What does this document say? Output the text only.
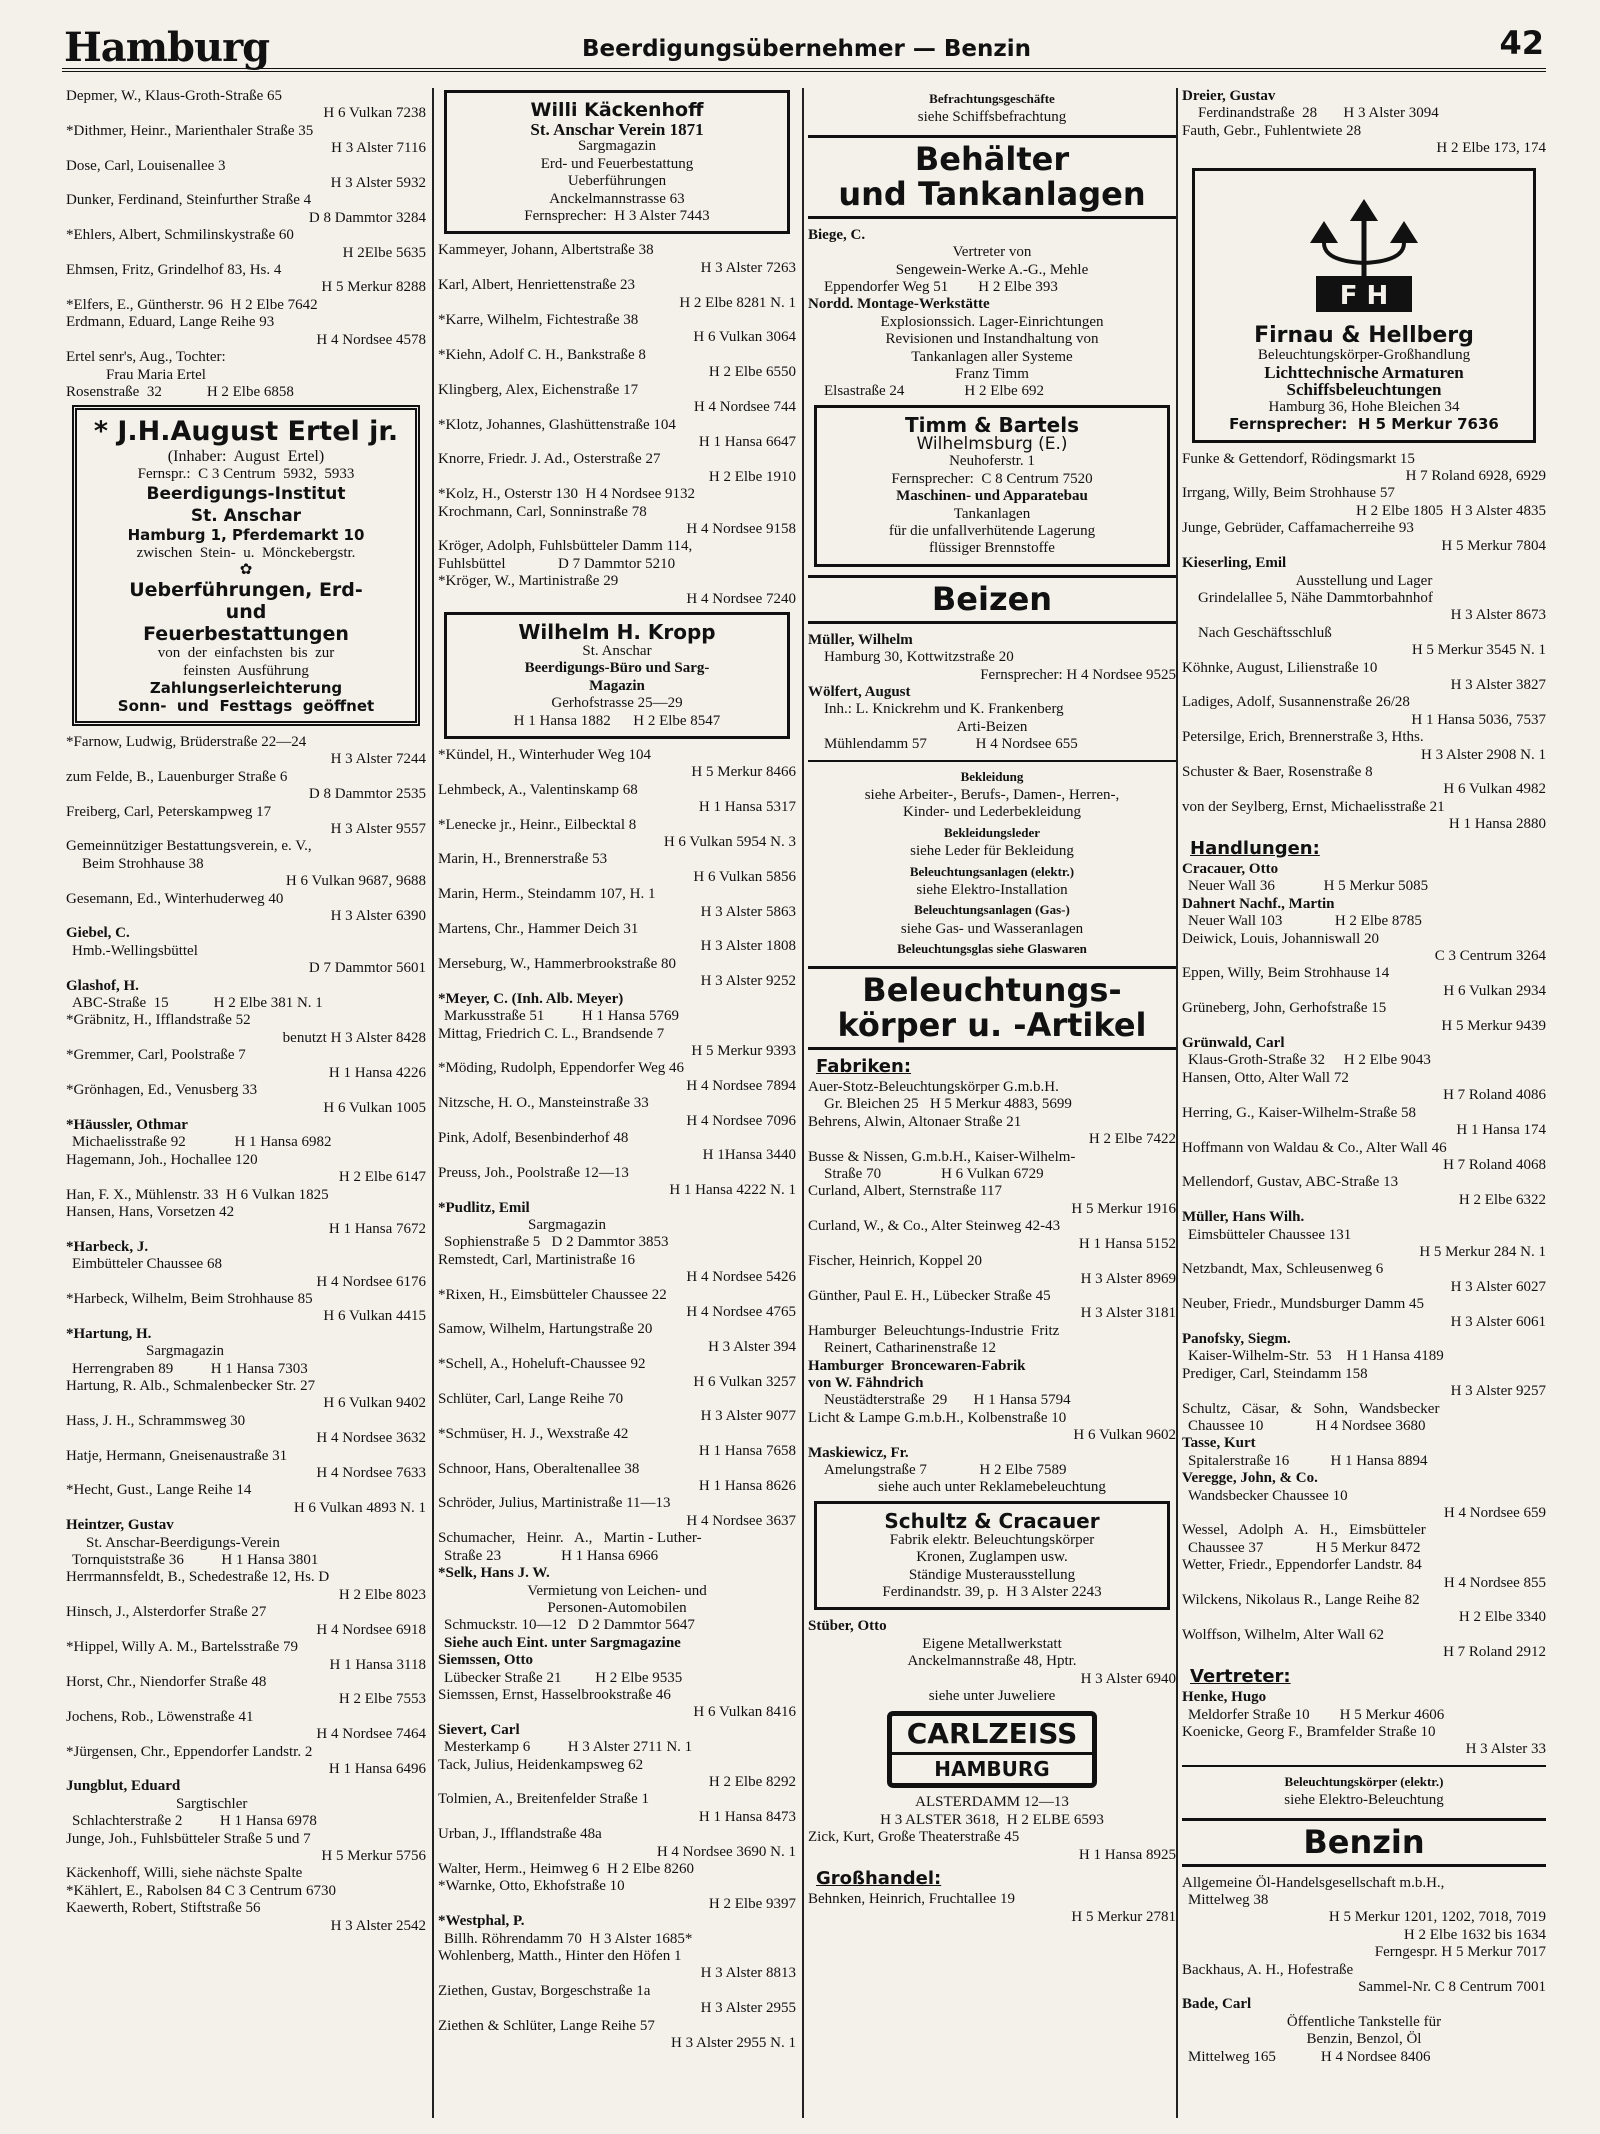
Hamburg	Beerdigungsübernehmer — Benzin	42

Depmer, W., Klaus-Groth-Straße 65

H 6 Vulkan 7238

*Dithmer, Heinr., Marienthaler Straße 35

H 3 Alster 7116

Dose, Carl, Louisenallee 3

H 3 Alster 5932

Dunker, Ferdinand, Steinfurther Straße 4

D 8 Dammtor 3284

*Ehlers, Albert, Schmilinskystraße 60

H 2Elbe 5635

Ehmsen, Fritz, Grindelhof 83, Hs. 4

H 5 Merkur 8288

*Elfers, E., Güntherstr. 96  H 2 Elbe 7642

Erdmann, Eduard, Lange Reihe 93

H 4 Nordsee 4578

Ertel senr's, Aug., Tochter:

Frau Maria Ertel

Rosenstraße  32            H 2 Elbe 6858

* J.H.August Ertel jr.

(Inhaber:  August  Ertel)

Fernspr.:  C 3 Centrum  5932,  5933

Beerdigungs-Institut

St. Anschar

Hamburg 1, Pferdemarkt 10

zwischen  Stein-  u.  Mönckebergstr.

✿

Ueberführungen, Erd-

und

Feuerbestattungen

von  der  einfachsten  bis  zur

feinsten  Ausführung

Zahlungserleichterung

Sonn-  und  Festtags  geöffnet

*Farnow, Ludwig, Brüderstraße 22—24

H 3 Alster 7244

zum Felde, B., Lauenburger Straße 6

D 8 Dammtor 2535

Freiberg, Carl, Peterskampweg 17

H 3 Alster 9557

Gemeinnütziger Bestattungsverein, e. V.,

Beim Strohhause 38

H 6 Vulkan 9687, 9688

Gesemann, Ed., Winterhuderweg 40

H 3 Alster 6390

Giebel, C.

Hmb.-Wellingsbüttel

D 7 Dammtor 5601

Glashof, H.

ABC-Straße  15            H 2 Elbe 381 N. 1

*Gräbnitz, H., Ifflandstraße 52

benutzt H 3 Alster 8428

*Gremmer, Carl, Poolstraße 7

H 1 Hansa 4226

*Grönhagen, Ed., Venusberg 33

H 6 Vulkan 1005

*Häussler, Othmar

Michaelisstraße 92             H 1 Hansa 6982

Hagemann, Joh., Hochallee 120

H 2 Elbe 6147

Han, F. X., Mühlenstr. 33  H 6 Vulkan 1825

Hansen, Hans, Vorsetzen 42

H 1 Hansa 7672

*Harbeck, J.

Eimbütteler Chaussee 68

H 4 Nordsee 6176

*Harbeck, Wilhelm, Beim Strohhause 85

H 6 Vulkan 4415

*Hartung, H.

Sargmagazin

Herrengraben 89          H 1 Hansa 7303

Hartung, R. Alb., Schmalenbecker Str. 27

H 6 Vulkan 9402

Hass, J. H., Schrammsweg 30

H 4 Nordsee 3632

Hatje, Hermann, Gneisenaustraße 31

H 4 Nordsee 7633

*Hecht, Gust., Lange Reihe 14

H 6 Vulkan 4893 N. 1

Heintzer, Gustav

St. Anschar-Beerdigungs-Verein

Tornquiststraße 36          H 1 Hansa 3801

Herrmannsfeldt, B., Schedestraße 12, Hs. D

H 2 Elbe 8023

Hinsch, J., Alsterdorfer Straße 27

H 4 Nordsee 6918

*Hippel, Willy A. M., Bartelsstraße 79

H 1 Hansa 3118

Horst, Chr., Niendorfer Straße 48

H 2 Elbe 7553

Jochens, Rob., Löwenstraße 41

H 4 Nordsee 7464

*Jürgensen, Chr., Eppendorfer Landstr. 2

H 1 Hansa 6496

Jungblut, Eduard

Sargtischler

Schlachterstraße 2          H 1 Hansa 6978

Junge, Joh., Fuhlsbütteler Straße 5 und 7

H 5 Merkur 5756

Käckenhoff, Willi, siehe nächste Spalte

*Kählert, E., Rabolsen 84 C 3 Centrum 6730

Kaewerth, Robert, Stiftstraße 56

H 3 Alster 2542

Willi Käckenhoff

St. Anschar Verein 1871

Sargmagazin

Erd- und Feuerbestattung

Ueberführungen

Anckelmannstrasse 63

Fernsprecher:  H 3 Alster 7443

Kammeyer, Johann, Albertstraße 38

H 3 Alster 7263

Karl, Albert, Henriettenstraße 23

H 2 Elbe 8281 N. 1

*Karre, Wilhelm, Fichtestraße 38

H 6 Vulkan 3064

*Kiehn, Adolf C. H., Bankstraße 8

H 2 Elbe 6550

Klingberg, Alex, Eichenstraße 17

H 4 Nordsee 744

*Klotz, Johannes, Glashüttenstraße 104

H 1 Hansa 6647

Knorre, Friedr. J. Ad., Osterstraße 27

H 2 Elbe 1910

*Kolz, H., Osterstr 130  H 4 Nordsee 9132

Krochmann, Carl, Sonninstraße 78

H 4 Nordsee 9158

Kröger, Adolph, Fuhlsbütteler Damm 114,

Fuhlsbüttel              D 7 Dammtor 5210

*Kröger, W., Martinistraße 29

H 4 Nordsee 7240

Wilhelm H. Kropp

St. Anschar

Beerdigungs-Büro und Sarg-

Magazin

Gerhofstrasse 25—29

H 1 Hansa 1882      H 2 Elbe 8547

*Kündel, H., Winterhuder Weg 104

H 5 Merkur 8466

Lehmbeck, A., Valentinskamp 68

H 1 Hansa 5317

*Lenecke jr., Heinr., Eilbecktal 8

H 6 Vulkan 5954 N. 3

Marin, H., Brennerstraße 53

H 6 Vulkan 5856

Marin, Herm., Steindamm 107, H. 1

H 3 Alster 5863

Martens, Chr., Hammer Deich 31

H 3 Alster 1808

Merseburg, W., Hammerbrookstraße 80

H 3 Alster 9252

*Meyer, C. (Inh. Alb. Meyer)

Markusstraße 51          H 1 Hansa 5769

Mittag, Friedrich C. L., Brandsende 7

H 5 Merkur 9393

*Möding, Rudolph, Eppendorfer Weg 46

H 4 Nordsee 7894

Nitzsche, H. O., Mansteinstraße 33

H 4 Nordsee 7096

Pink, Adolf, Besenbinderhof 48

H 1Hansa 3440

Preuss, Joh., Poolstraße 12—13

H 1 Hansa 4222 N. 1

*Pudlitz, Emil

Sargmagazin

Sophienstraße 5   D 2 Dammtor 3853

Remstedt, Carl, Martinistraße 16

H 4 Nordsee 5426

*Rixen, H., Eimsbütteler Chaussee 22

H 4 Nordsee 4765

Samow, Wilhelm, Hartungstraße 20

H 3 Alster 394

*Schell, A., Hoheluft-Chaussee 92

H 6 Vulkan 3257

Schlüter, Carl, Lange Reihe 70

H 3 Alster 9077

*Schmüser, H. J., Wexstraße 42

H 1 Hansa 7658

Schnoor, Hans, Oberaltenallee 38

H 1 Hansa 8626

Schröder, Julius, Martinistraße 11—13

H 4 Nordsee 3637

Schumacher,   Heinr.   A.,   Martin - Luther-

Straße 23                H 1 Hansa 6966

*Selk, Hans J. W.

Vermietung von Leichen- und

Personen-Automobilen

Schmuckstr. 10—12   D 2 Dammtor 5647

Siehe auch Eint. unter Sargmagazine

Siemssen, Otto

Lübecker Straße 21         H 2 Elbe 9535

Siemssen, Ernst, Hasselbrookstraße 46

H 6 Vulkan 8416

Sievert, Carl

Mesterkamp 6          H 3 Alster 2711 N. 1

Tack, Julius, Heidenkampsweg 62

H 2 Elbe 8292

Tolmien, A., Breitenfelder Straße 1

H 1 Hansa 8473

Urban, J., Ifflandstraße 48a

H 4 Nordsee 3690 N. 1

Walter, Herm., Heimweg 6  H 2 Elbe 8260

*Warnke, Otto, Ekhofstraße 10

H 2 Elbe 9397

*Westphal, P.

Billh. Röhrendamm 70  H 3 Alster 1685*

Wohlenberg, Matth., Hinter den Höfen 1

H 3 Alster 8813

Ziethen, Gustav, Borgeschstraße 1a

H 3 Alster 2955

Ziethen & Schlüter, Lange Reihe 57

H 3 Alster 2955 N. 1

Befrachtungsgeschäfte

siehe Schiffsbefrachtung

Behälter
und Tankanlagen

Biege, C.

Vertreter von

Sengewein-Werke A.-G., Mehle

Eppendorfer Weg 51        H 2 Elbe 393

Nordd. Montage-Werkstätte

Explosionssich. Lager-Einrichtungen

Revisionen und Instandhaltung von

Tankanlagen aller Systeme

Franz Timm

Elsastraße 24                H 2 Elbe 692

Timm & Bartels

Wilhelmsburg (E.)

Neuhoferstr. 1

Fernsprecher:  C 8 Centrum 7520

Maschinen- und Apparatebau

Tankanlagen

für die unfallverhütende Lagerung

flüssiger Brennstoffe

Beizen

Müller, Wilhelm

Hamburg 30, Kottwitzstraße 20

Fernsprecher: H 4 Nordsee 9525

Wölfert, August

Inh.: L. Knickrehm und K. Frankenberg

Arti-Beizen

Mühlendamm 57             H 4 Nordsee 655

Bekleidung

siehe Arbeiter-, Berufs-, Damen-, Herren-,

Kinder- und Lederbekleidung

Bekleidungsleder

siehe Leder für Bekleidung

Beleuchtungsanlagen (elektr.)

siehe Elektro-Installation

Beleuchtungsanlagen (Gas-)

siehe Gas- und Wasseranlagen

Beleuchtungsglas siehe Glaswaren

Beleuchtungs-
körper u. -Artikel

Fabriken:

Auer-Stotz-Beleuchtungskörper G.m.b.H.

Gr. Bleichen 25   H 5 Merkur 4883, 5699

Behrens, Alwin, Altonaer Straße 21

H 2 Elbe 7422

Busse & Nissen, G.m.b.H., Kaiser-Wilhelm-

Straße 70                H 6 Vulkan 6729

Curland, Albert, Sternstraße 117

H 5 Merkur 1916

Curland, W., & Co., Alter Steinweg 42-43

H 1 Hansa 5152

Fischer, Heinrich, Koppel 20

H 3 Alster 8969

Günther, Paul E. H., Lübecker Straße 45

H 3 Alster 3181

Hamburger  Beleuchtungs-Industrie  Fritz

Reinert, Catharinenstraße 12

Hamburger  Broncewaren-Fabrik

von W. Fähndrich

Neustädterstraße  29       H 1 Hansa 5794

Licht & Lampe G.m.b.H., Kolbenstraße 10

H 6 Vulkan 9602

Maskiewicz, Fr.

Amelungstraße 7              H 2 Elbe 7589

siehe auch unter Reklamebeleuchtung

Schultz & Cracauer

Fabrik elektr. Beleuchtungskörper

Kronen, Zuglampen usw.

Ständige Musterausstellung

Ferdinandstr. 39, p.  H 3 Alster 2243

Stüber, Otto

Eigene Metallwerkstatt

Anckelmannstraße 48, Hptr.

H 3 Alster 6940

siehe unter Juweliere

CARLZEISS
HAMBURG

ALSTERDAMM 12—13

H 3 ALSTER 3618,  H 2 ELBE 6593

Zick, Kurt, Große Theaterstraße 45

H 1 Hansa 8925

Großhandel:

Behnken, Heinrich, Fruchtallee 19

H 5 Merkur 2781

Dreier, Gustav

Ferdinandstraße  28       H 3 Alster 3094

Fauth, Gebr., Fuhlentwiete 28

H 2 Elbe 173, 174

F H

Firnau & Hellberg

Beleuchtungskörper-Großhandlung

Lichttechnische Armaturen

Schiffsbeleuchtungen

Hamburg 36, Hohe Bleichen 34

Fernsprecher:  H 5 Merkur 7636

Funke & Gettendorf, Rödingsmarkt 15

H 7 Roland 6928, 6929

Irrgang, Willy, Beim Strohhause 57

H 2 Elbe 1805  H 3 Alster 4835

Junge, Gebrüder, Caffamacherreihe 93

H 5 Merkur 7804

Kieserling, Emil

Ausstellung und Lager

Grindelallee 5, Nähe Dammtorbahnhof

H 3 Alster 8673

Nach Geschäftsschluß

H 5 Merkur 3545 N. 1

Köhnke, August, Lilienstraße 10

H 3 Alster 3827

Ladiges, Adolf, Susannenstraße 26/28

H 1 Hansa 5036, 7537

Petersilge, Erich, Brennerstraße 3, Hths.

H 3 Alster 2908 N. 1

Schuster & Baer, Rosenstraße 8

H 6 Vulkan 4982

von der Seylberg, Ernst, Michaelisstraße 21

H 1 Hansa 2880

Handlungen:

Cracauer, Otto

Neuer Wall 36             H 5 Merkur 5085

Dahnert Nachf., Martin

Neuer Wall 103              H 2 Elbe 8785

Deiwick, Louis, Johanniswall 20

C 3 Centrum 3264

Eppen, Willy, Beim Strohhause 14

H 6 Vulkan 2934

Grüneberg, John, Gerhofstraße 15

H 5 Merkur 9439

Grünwald, Carl

Klaus-Groth-Straße 32     H 2 Elbe 9043

Hansen, Otto, Alter Wall 72

H 7 Roland 4086

Herring, G., Kaiser-Wilhelm-Straße 58

H 1 Hansa 174

Hoffmann von Waldau & Co., Alter Wall 46

H 7 Roland 4068

Mellendorf, Gustav, ABC-Straße 13

H 2 Elbe 6322

Müller, Hans Wilh.

Eimsbütteler Chaussee 131

H 5 Merkur 284 N. 1

Netzbandt, Max, Schleusenweg 6

H 3 Alster 6027

Neuber, Friedr., Mundsburger Damm 45

H 3 Alster 6061

Panofsky, Siegm.

Kaiser-Wilhelm-Str.  53    H 1 Hansa 4189

Prediger, Carl, Steindamm 158

H 3 Alster 9257

Schultz,   Cäsar,   &   Sohn,   Wandsbecker

Chaussee 10              H 4 Nordsee 3680

Tasse, Kurt

Spitalerstraße 16           H 1 Hansa 8894

Veregge, John, & Co.

Wandsbecker Chaussee 10

H 4 Nordsee 659

Wessel,   Adolph   A.   H.,   Eimsbütteler

Chaussee 37              H 5 Merkur 8472

Wetter, Friedr., Eppendorfer Landstr. 84

H 4 Nordsee 855

Wilckens, Nikolaus R., Lange Reihe 82

H 2 Elbe 3340

Wolffson, Wilhelm, Alter Wall 62

H 7 Roland 2912

Vertreter:

Henke, Hugo

Meldorfer Straße 10        H 5 Merkur 4606

Koenicke, Georg F., Bramfelder Straße 10

H 3 Alster 33

Beleuchtungskörper (elektr.)

siehe Elektro-Beleuchtung

Benzin

Allgemeine Öl-Handelsgesellschaft m.b.H.,

Mittelweg 38

H 5 Merkur 1201, 1202, 7018, 7019

H 2 Elbe 1632 bis 1634

Ferngespr. H 5 Merkur 7017

Backhaus, A. H., Hofestraße

Sammel-Nr. C 8 Centrum 7001

Bade, Carl

Öffentliche Tankstelle für

Benzin, Benzol, Öl

Mittelweg 165            H 4 Nordsee 8406
